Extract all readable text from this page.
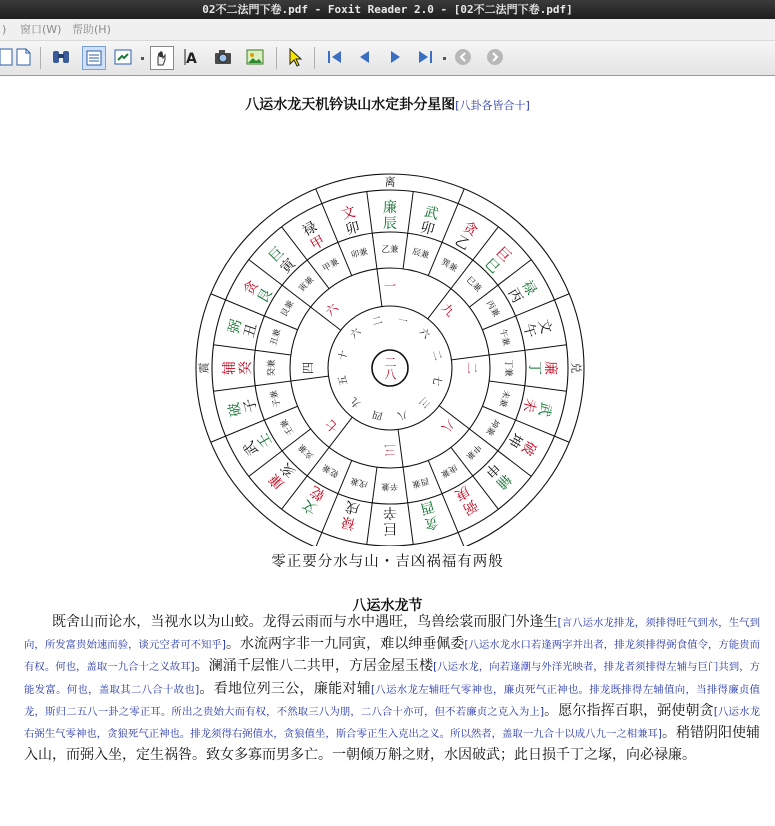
02不二法門下卷.pdf - Foxit Reader 2.0 - [02不二法門下卷.pdf]
) 窗口(W) 帮助(H)
A
八运水龙天机钤诀山水定卦分星图[八卦各皆合十]
离
兑
震
武
贪
巨
禄
文
廉
武
破
辅
弼
贪
巨
禄
文
廉
武
破
辅
弼
贪
巨
禄
文 廉
卯
乙
巳
丙
午
丁
未
坤
申
庚
酉
辛
戌
乾
亥
壬
子
癸
丑
艮
寅
甲
卯 辰
辰兼
巽兼
巳兼
丙兼
午兼
丁兼
未兼
坤兼
申兼
庚兼
酉兼
辛兼
戌兼
乾兼
亥兼
壬兼
子兼
癸兼
丑兼
艮兼
寅兼
甲兼
卯兼 乙兼
一
九
二
八
三
七
四
六
一
六
二
七
三
八
四
九
五
十
六
二
二八
零正要分水与山・吉凶祸福有两般
八运水龙节
既舍山而论水，当视水以为山蛟。龙得云雨而与水中遇旺，鸟兽绘裳而服门外逢生[言八运水龙排龙，须排得旺气到水，生气到向，所发富贵始速而验，谈元空者可不知乎]。水流两字非一九同寅，难以绅垂佩委[八运水龙水口若逢两字并出者，排龙须排得弼食值令，方能贵而有权。何也，盖取一九合十之义故耳]。澜涌千层惟八二共甲，方居金屋玉楼[八运水龙，向若逢潮与外洋光映者，排龙者须排得左辅与巨门共到，方能发富。何也，盖取其二八合十故也]。看地位列三公，廉能对辅[八运水龙左辅旺气零神也，廉贞死气正神也。排龙既排得左辅值向，当排得廉贞值龙，斯归二五八一卦之零正耳。所出之贵始大而有权，不然取三八为朋，二八合十亦可，但不若廉贞之克入为上]。愿尔指挥百职，弼使朝贪[八运水龙右弼生气零神也，贪狼死气正神也。排龙须得右弼值水，贪狼值坐，斯合零正生入克出之义。所以然者，盖取一九合十以成八九一之相兼耳]。稍错阴阳使辅入山，而弼入坐，定生祸咎。致女多寡而男多亡。一朝倾万斛之财，水因破武；此日损千丁之塚，向必禄廉。
